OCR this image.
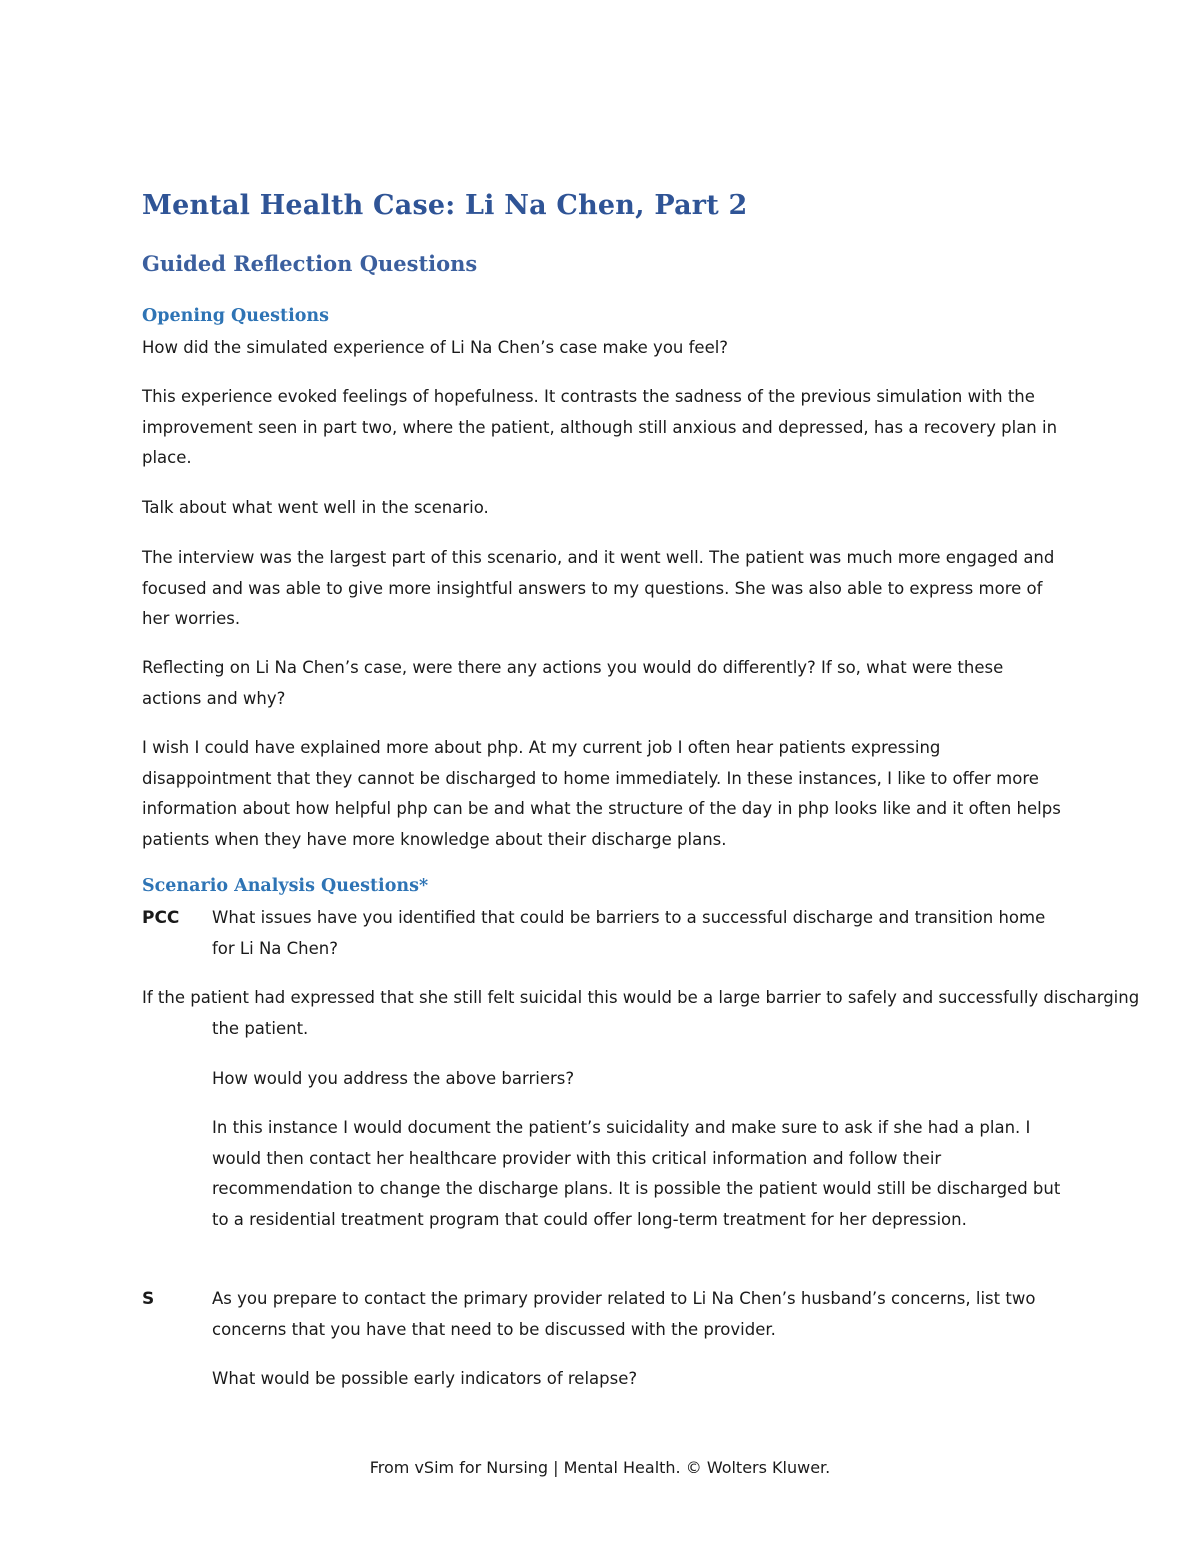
Mental Health Case: Li Na Chen, Part 2
Guided Reflection Questions
Opening Questions

How did the simulated experience of Li Na Chen’s case make you feel?

This experience evoked feelings of hopefulness. It contrasts the sadness of the previous simulation with the improvement seen in part two, where the patient, although still anxious and depressed, has a recovery plan in place.

Talk about what went well in the scenario.

The interview was the largest part of this scenario, and it went well. The patient was much more engaged and focused and was able to give more insightful answers to my questions. She was also able to express more of her worries.

Reflecting on Li Na Chen’s case, were there any actions you would do differently? If so, what were these actions and why?

I wish I could have explained more about php. At my current job I often hear patients expressing disappointment that they cannot be discharged to home immediately. In these instances, I like to offer more information about how helpful php can be and what the structure of the day in php looks like and it often helps patients when they have more knowledge about their discharge plans.

Scenario Analysis Questions*
PCC What issues have you identified that could be barriers to a successful discharge and transition home for Li Na Chen?

If the patient had expressed that she still felt suicidal this would be a large barrier to safely and successfully discharging the patient.

How would you address the above barriers?

In this instance I would document the patient’s suicidality and make sure to ask if she had a plan. I would then contact her healthcare provider with this critical information and follow their recommendation to change the discharge plans. It is possible the patient would still be discharged but to a residential treatment program that could offer long-term treatment for her depression.

S	As you prepare to contact the primary provider related to Li Na Chen’s husband’s concerns, list two concerns that you have that need to be discussed with the provider.

What would be possible early indicators of relapse?

From vSim for Nursing | Mental Health. © Wolters Kluwer.
